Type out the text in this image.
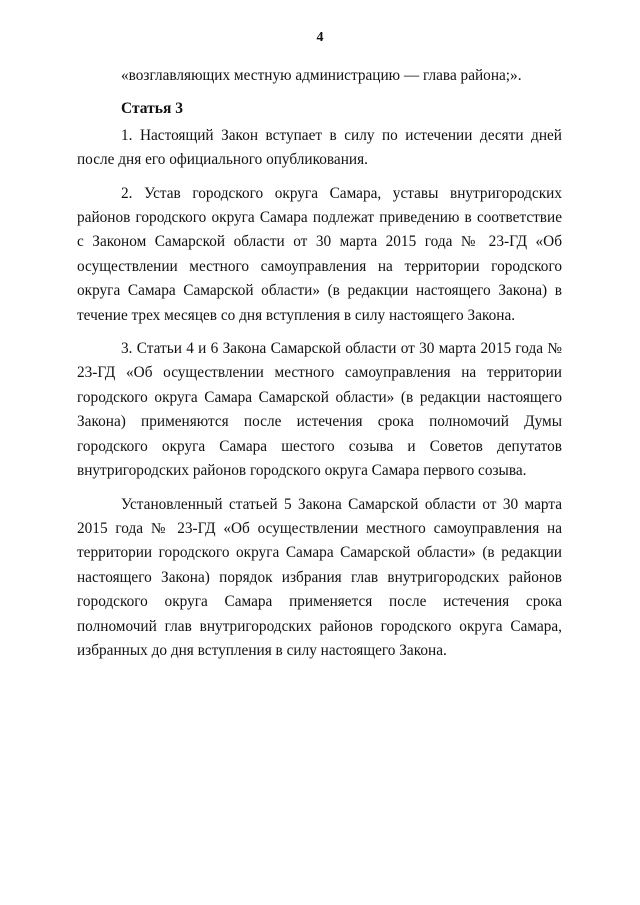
4

«возглавляющих местную администрацию — глава района;».

Статья 3

1. Настоящий Закон вступает в силу по истечении десяти дней после дня его официального опубликования.

2. Устав городского округа Самара, уставы внутригородских районов городского округа Самара подлежат приведению в соответствие с Законом Самарской области от 30 марта 2015 года № 23-ГД «Об осуществлении местного самоуправления на территории городского округа Самара Самарской области» (в редакции настоящего Закона) в течение трех месяцев со дня вступления в силу настоящего Закона.

3. Статьи 4 и 6 Закона Самарской области от 30 марта 2015 года № 23-ГД «Об осуществлении местного самоуправления на территории городского округа Самара Самарской области» (в редакции настоящего Закона) применяются после истечения срока полномочий Думы городского округа Самара шестого созыва и Советов депутатов внутригородских районов городского округа Самара первого созыва.

Установленный статьей 5 Закона Самарской области от 30 марта 2015 года № 23-ГД «Об осуществлении местного самоуправления на территории городского округа Самара Самарской области» (в редакции настоящего Закона) порядок избрания глав внутригородских районов городского округа Самара применяется после истечения срока полномочий глав внутригородских районов городского округа Самара, избранных до дня вступления в силу настоящего Закона.
